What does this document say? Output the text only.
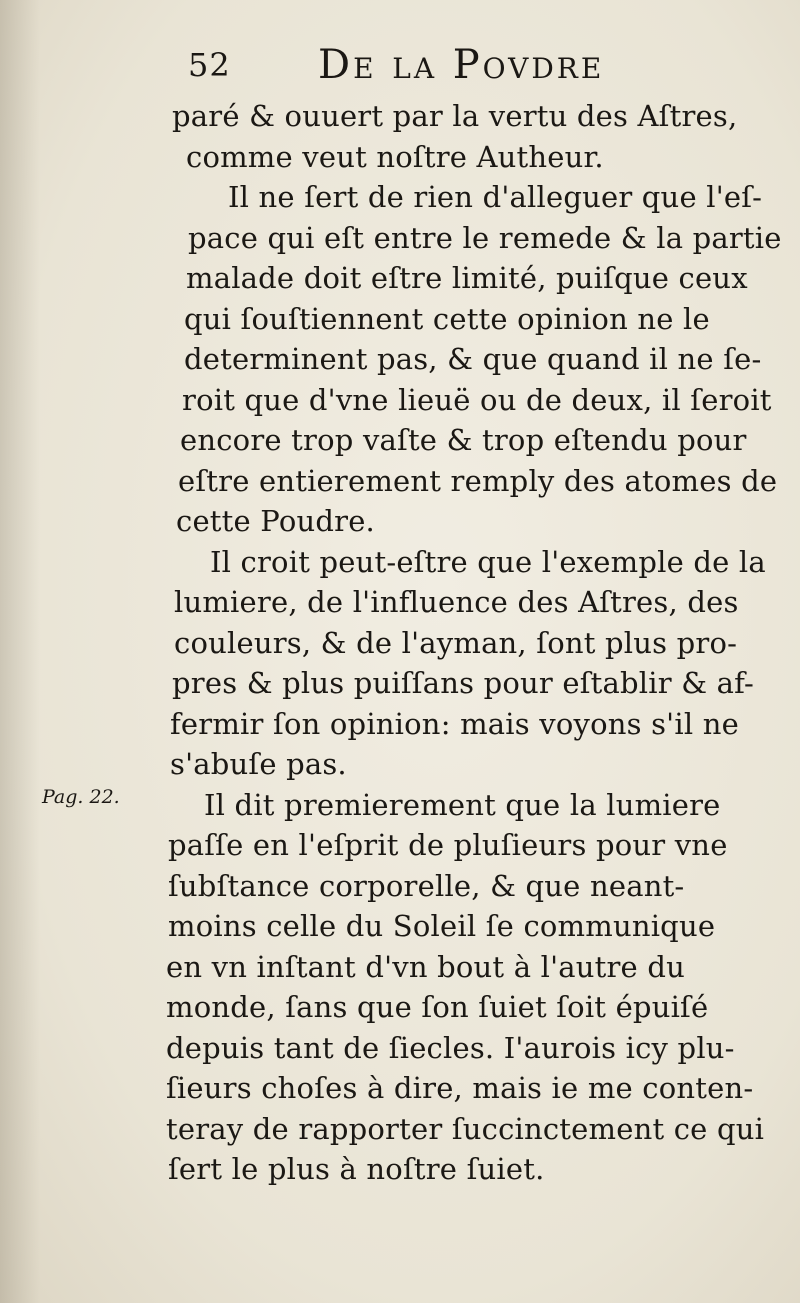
52 De la Povdre
Pag. 22.
paré & ouuert par la vertu des Aſtres,
comme veut noſtre Autheur.
Il ne ſert de rien d'alleguer que l'eſ-
pace qui eſt entre le remede & la partie
malade doit eſtre limité, puiſque ceux
qui ſouſtiennent cette opinion ne le
determinent pas, & que quand il ne ſe-
roit que d'vne lieuë ou de deux, il ſeroit
encore trop vaſte & trop eſtendu pour
eſtre entierement remply des atomes de
cette Poudre.
Il croit peut-eſtre que l'exemple de la
lumiere, de l'influence des Aſtres, des
couleurs, & de l'ayman, ſont plus pro-
pres & plus puiſſans pour eſtablir & af-
fermir ſon opinion: mais voyons s'il ne
s'abuſe pas.
Il dit premierement que la lumiere
paſſe en l'eſprit de pluſieurs pour vne
ſubſtance corporelle, & que neant-
moins celle du Soleil ſe communique
en vn inſtant d'vn bout à l'autre du
monde, ſans que ſon ſuiet ſoit épuiſé
depuis tant de ſiecles. I'aurois icy plu-
ſieurs choſes à dire, mais ie me conten-
teray de rapporter ſuccinctement ce qui
ſert le plus à noſtre ſuiet.
